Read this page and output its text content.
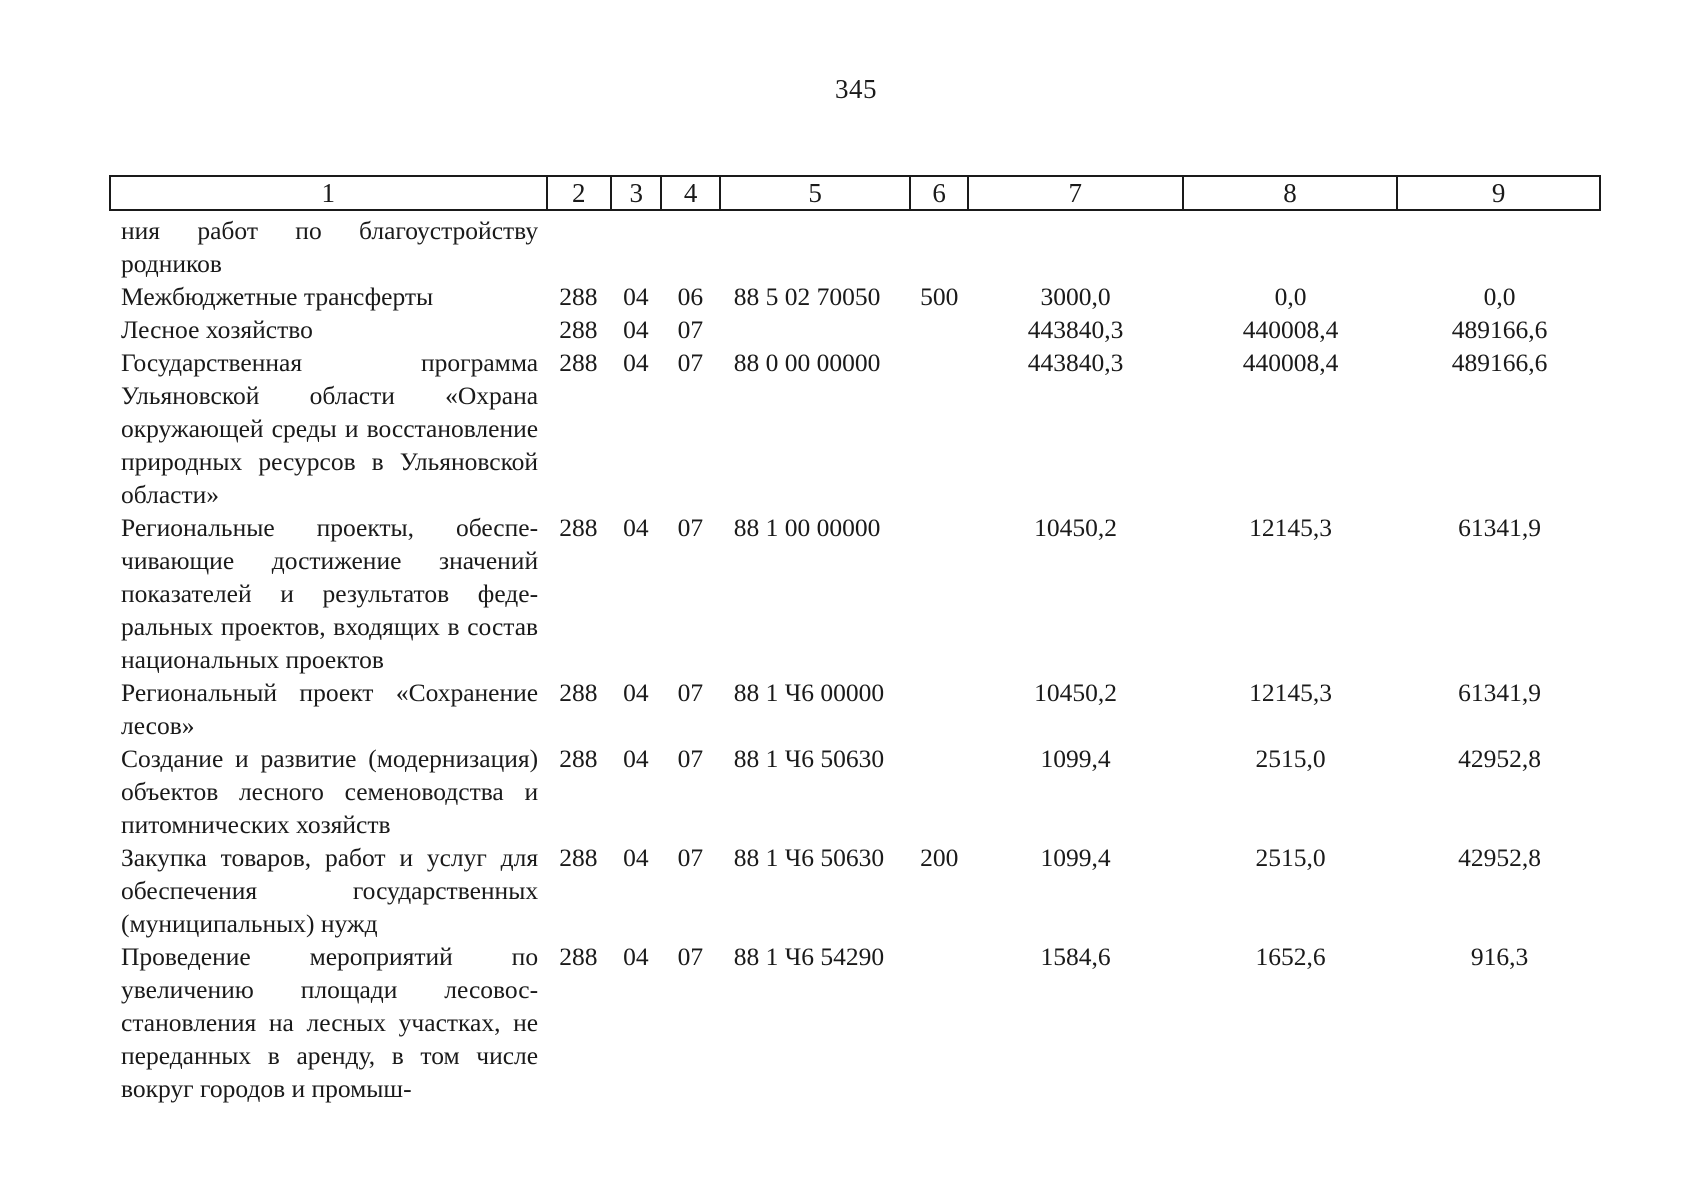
345
1	2	3	4	5	6	7	8	9
ния работ по благоустройству родников								
Межбюджетные трансферты	288	04	06	88 5 02 70050	500	3000,0	0,0	0,0
Лесное хозяйство	288	04	07			443840,3	440008,4	489166,6
Государственная программа Ульяновской области «Охрана окружающей среды и восстановление природных ресурсов в Ульяновской области»	288	04	07	88 0 00 00000		443840,3	440008,4	489166,6
Региональные проекты, обеспечивающие достижение значений показателей и результатов федеральных проектов, входящих в состав национальных проектов	288	04	07	88 1 00 00000		10450,2	12145,3	61341,9
Региональный проект «Сохранение лесов»	288	04	07	88 1 Ч6 00000		10450,2	12145,3	61341,9
Создание и развитие (модернизация) объектов лесного семеноводства и питомнических хозяйств	288	04	07	88 1 Ч6 50630		1099,4	2515,0	42952,8
Закупка товаров, работ и услуг для обеспечения государственных (муниципальных) нужд	288	04	07	88 1 Ч6 50630	200	1099,4	2515,0	42952,8
Проведение мероприятий по увеличению площади лесовосстановления на лесных участках, не переданных в аренду, в том числе вокруг городов и промыш-	288	04	07	88 1 Ч6 54290		1584,6	1652,6	916,3
